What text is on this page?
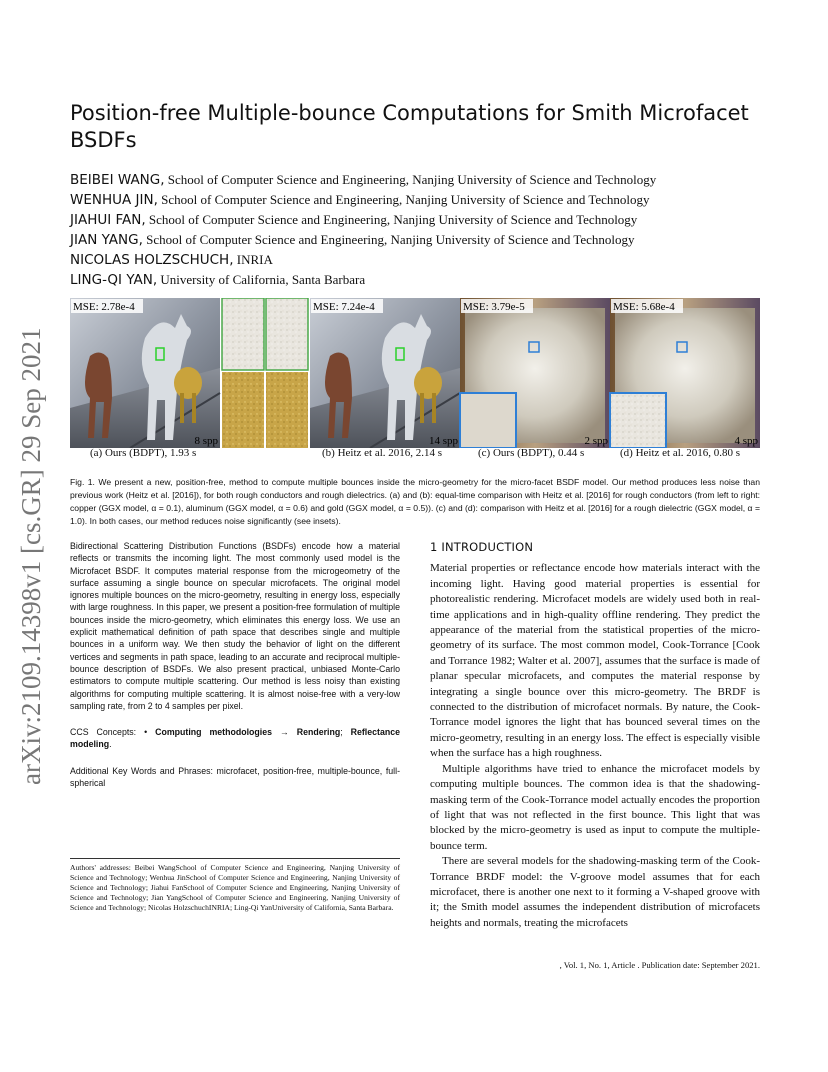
arXiv:2109.14398v1 [cs.GR] 29 Sep 2021
Position-free Multiple-bounce Computations for Smith Microfacet BSDFs
BEIBEI WANG, School of Computer Science and Engineering, Nanjing University of Science and Technology
WENHUA JIN, School of Computer Science and Engineering, Nanjing University of Science and Technology
JIAHUI FAN, School of Computer Science and Engineering, Nanjing University of Science and Technology
JIAN YANG, School of Computer Science and Engineering, Nanjing University of Science and Technology
NICOLAS HOLZSCHUCH, INRIA
LING-QI YAN, University of California, Santa Barbara
MSE: 2.78e-4	MSE: 7.24e-4	MSE: 3.79e-5	MSE: 5.68e-4
8 spp	14 spp	2 spp	4 spp
(a) Ours (BDPT), 1.93 s	(b) Heitz et al. 2016, 2.14 s	(c) Ours (BDPT), 0.44 s	(d) Heitz et al. 2016, 0.80 s
Fig. 1. We present a new, position-free, method to compute multiple bounces inside the micro-geometry for the micro-facet BSDF model. Our method produces less noise than previous work (Heitz et al. [2016]), for both rough conductors and rough dielectrics. (a) and (b): equal-time comparison with Heitz et al. [2016] for rough conductors (from left to right: copper (GGX model, α = 0.1), aluminum (GGX model, α = 0.6) and gold (GGX model, α = 0.5)). (c) and (d): comparison with Heitz et al. [2016] for a rough dielectric (GGX model, α = 1.0). In both cases, our method reduces noise significantly (see insets).

Bidirectional Scattering Distribution Functions (BSDFs) encode how a material reflects or transmits the incoming light. The most commonly used model is the Microfacet BSDF. It computes material response from the microgeometry of the surface assuming a single bounce on specular microfacets. The original model ignores multiple bounces on the micro-geometry, resulting in energy loss, especially with large roughness. In this paper, we present a position-free formulation of multiple bounces inside the micro-geometry, which eliminates this energy loss. We use an explicit mathematical definition of path space that describes single and multiple bounces in a uniform way. We then study the behavior of light on the different vertices and segments in path space, leading to an accurate and reciprocal multiple-bounce description of BSDFs. We also present practical, unbiased Monte-Carlo estimators to compute multiple scattering. Our method is less noisy than existing algorithms for computing multiple scattering. It is almost noise-free with a very-low sampling rate, from 2 to 4 samples per pixel.

CCS Concepts: • Computing methodologies → Rendering; Reflectance modeling.

Additional Key Words and Phrases: microfacet, position-free, multiple-bounce, full-spherical

Authors' addresses: Beibei WangSchool of Computer Science and Engineering, Nanjing University of Science and Technology; Wenhua JinSchool of Computer Science and Engineering, Nanjing University of Science and Technology; Jiahui FanSchool of Computer Science and Engineering, Nanjing University of Science and Technology; Jian YangSchool of Computer Science and Engineering, Nanjing University of Science and Technology; Nicolas HolzschuchINRIA; Ling-Qi YanUniversity of California, Santa Barbara.
1 INTRODUCTION

Material properties or reflectance encode how materials interact with the incoming light. Having good material properties is essential for photorealistic rendering. Microfacet models are widely used both in real-time applications and in high-quality offline rendering. They predict the appearance of the material from the statistical properties of the micro-geometry of its surface. The most common model, Cook-Torrance [Cook and Torrance 1982; Walter et al. 2007], assumes that the surface is made of planar specular microfacets, and computes the material response by integrating a single bounce over this micro-geometry. The BRDF is connected to the distribution of microfacet normals. By nature, the Cook-Torrance model ignores the light that has bounced several times on the micro-geometry, resulting in an energy loss. The effect is especially visible when the surface has a high roughness.

Multiple algorithms have tried to enhance the microfacet models by computing multiple bounces. The common idea is that the shadowing-masking term of the Cook-Torrance model actually encodes the proportion of light that was not reflected in the first bounce. This light that was blocked by the micro-geometry is used as input to compute the multiple-bounce term.

There are several models for the shadowing-masking term of the Cook-Torrance BRDF model: the V-groove model assumes that for each microfacet, there is another one next to it forming a V-shaped groove with it; the Smith model assumes the independent distribution of microfacets heights and normals, treating the microfacets

, Vol. 1, No. 1, Article . Publication date: September 2021.
